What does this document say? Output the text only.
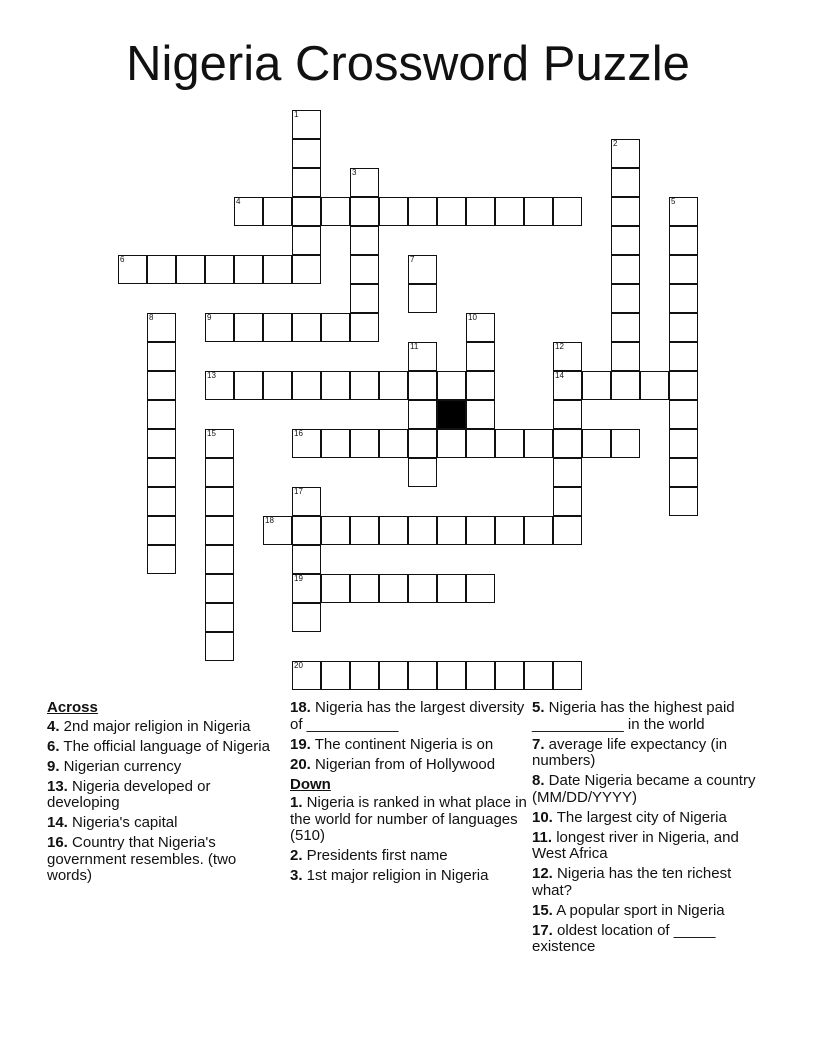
Nigeria Crossword Puzzle
1
2
3
4	5
6	7
8	9	10
11	12
13	14
15	16
17
18
19
20
Across
4. 2nd major religion in Nigeria
6. The official language of Nigeria
9. Nigerian currency
13. Nigeria developed or developing
14. Nigeria's capital
16. Country that Nigeria's government resembles. (two words)
18. Nigeria has the largest diversity of ___________
19. The continent Nigeria is on
20. Nigerian from of Hollywood
Down
1. Nigeria is ranked in what place in the world for number of languages (510)
2. Presidents first name
3. 1st major religion in Nigeria
5. Nigeria has the highest paid ___________ in the world
7. average life expectancy (in numbers)
8. Date Nigeria became a country (MM/DD/YYYY)
10. The largest city of Nigeria
11. longest river in Nigeria, and West Africa
12. Nigeria has the ten richest what?
15. A popular sport in Nigeria
17. oldest location of _____ existence
